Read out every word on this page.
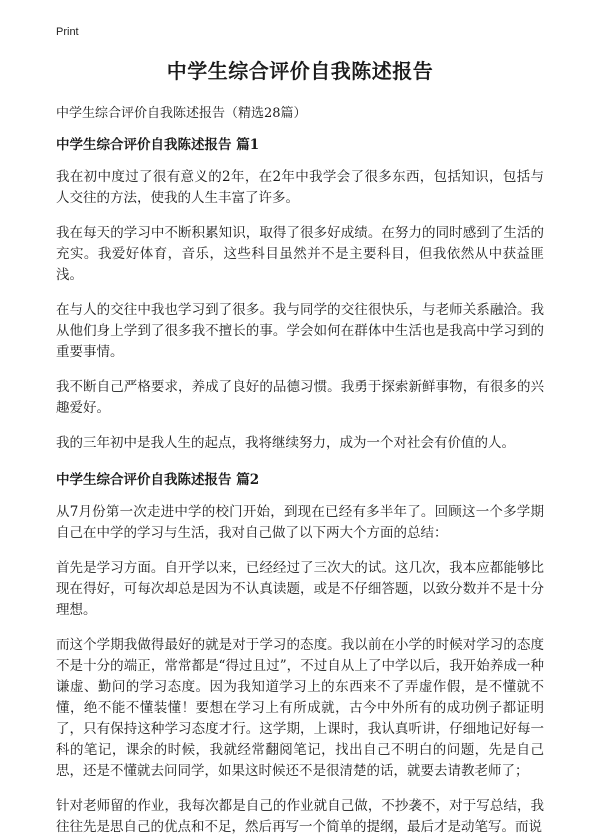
Print
中学生综合评价自我陈述报告
中学生综合评价自我陈述报告（精选28篇）
中学生综合评价自我陈述报告 篇1

我在初中度过了很有意义的2年，在2年中我学会了很多东西，包括知识，包括与人交往的方法，使我的人生丰富了许多。

我在每天的学习中不断积累知识，取得了很多好成绩。在努力的同时感到了生活的充实。我爱好体育，音乐，这些科目虽然并不是主要科目，但我依然从中获益匪浅。

在与人的交往中我也学习到了很多。我与同学的交往很快乐，与老师关系融洽。我从他们身上学到了很多我不擅长的事。学会如何在群体中生活也是我高中学习到的重要事情。

我不断自己严格要求，养成了良好的品德习惯。我勇于探索新鲜事物，有很多的兴趣爱好。

我的三年初中是我人生的起点，我将继续努力，成为一个对社会有价值的人。

中学生综合评价自我陈述报告 篇2

从7月份第一次走进中学的校门开始，到现在已经有多半年了。回顾这一个多学期自己在中学的学习与生活，我对自己做了以下两大个方面的总结：

首先是学习方面。自开学以来，已经经过了三次大的试。这几次，我本应都能够比现在得好，可每次却总是因为不认真读题，或是不仔细答题，以致分数并不是十分理想。

而这个学期我做得最好的就是对于学习的态度。我以前在小学的时候对学习的态度不是十分的端正，常常都是“得过且过”，不过自从上了中学以后，我开始养成一种谦虚、勤问的学习态度。因为我知道学习上的东西来不了弄虚作假，是不懂就不懂，绝不能不懂装懂！要想在学习上有所成就，古今中外所有的成功例子都证明了，只有保持这种学习态度才行。这学期，上课时，我认真听讲，仔细地记好每一科的笔记，课余的时候，我就经常翻阅笔记，找出自己不明白的问题，先是自己思，还是不懂就去问同学，如果这时候还不是很清楚的话，就要去请教老师了；

针对老师留的作业，我每次都是自己的作业就自己做，不抄袭不，对于写总结，我往往先是思自己的优点和不足，然后再写一个简单的提纲，最后才是动笔写。而说
